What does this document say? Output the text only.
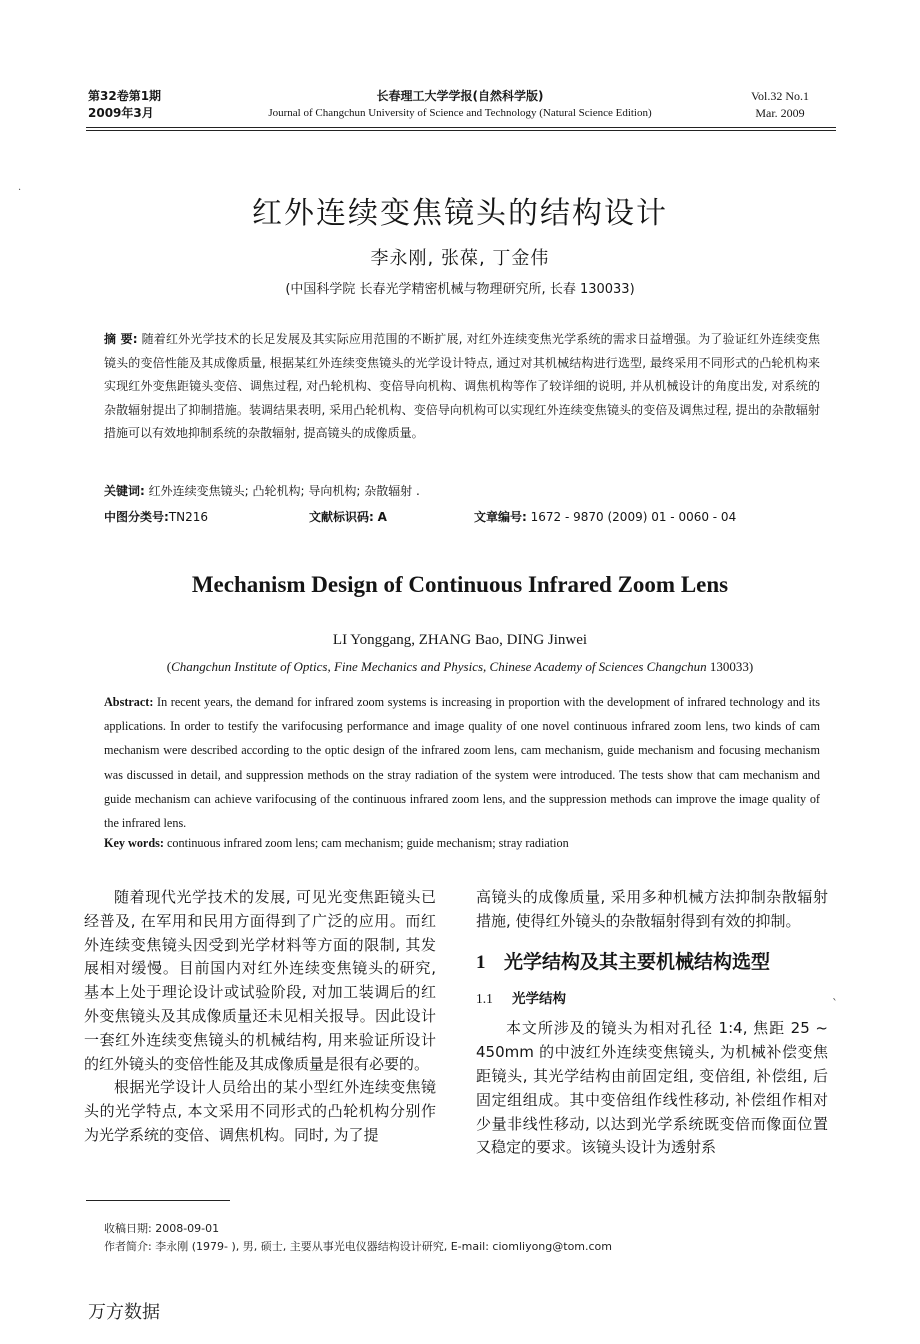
第32卷第1期
2009年3月
长春理工大学学报(自然科学版)
Journal of Changchun University of Science and Technology (Natural Science Edition)
Vol.32 No.1
Mar. 2009
·
红外连续变焦镜头的结构设计
李永刚, 张葆, 丁金伟
(中国科学院 长春光学精密机械与物理研究所, 长春 130033)
摘 要: 随着红外光学技术的长足发展及其实际应用范围的不断扩展, 对红外连续变焦光学系统的需求日益增强。为了验证红外连续变焦镜头的变倍性能及其成像质量, 根据某红外连续变焦镜头的光学设计特点, 通过对其机械结构进行选型, 最终采用不同形式的凸轮机构来实现红外变焦距镜头变倍、调焦过程, 对凸轮机构、变倍导向机构、调焦机构等作了较详细的说明, 并从机械设计的角度出发, 对系统的杂散辐射提出了抑制措施。装调结果表明, 采用凸轮机构、变倍导向机构可以实现红外连续变焦镜头的变倍及调焦过程, 提出的杂散辐射措施可以有效地抑制系统的杂散辐射, 提高镜头的成像质量。
关键词: 红外连续变焦镜头; 凸轮机构; 导向机构; 杂散辐射 .
中图分类号:TN216	文献标识码: A	文章编号: 1672 - 9870 (2009) 01 - 0060 - 04
Mechanism Design of Continuous Infrared Zoom Lens
LI Yonggang, ZHANG Bao, DING Jinwei
(Changchun Institute of Optics, Fine Mechanics and Physics, Chinese Academy of Sciences Changchun 130033)
Abstract: In recent years, the demand for infrared zoom systems is increasing in proportion with the development of infrared technology and its applications. In order to testify the varifocusing performance and image quality of one novel continuous infrared zoom lens, two kinds of cam mechanism were described according to the optic design of the infrared zoom lens, cam mechanism, guide mechanism and focusing mechanism was discussed in detail, and suppression methods on the stray radiation of the system were introduced. The tests show that cam mechanism and guide mechanism can achieve varifocusing of the continuous infrared zoom lens, and the suppression methods can improve the image quality of the infrared lens.
Key words: continuous infrared zoom lens; cam mechanism; guide mechanism; stray radiation

随着现代光学技术的发展, 可见光变焦距镜头已经普及, 在军用和民用方面得到了广泛的应用。而红外连续变焦镜头因受到光学材料等方面的限制, 其发展相对缓慢。目前国内对红外连续变焦镜头的研究, 基本上处于理论设计或试验阶段, 对加工装调后的红外变焦镜头及其成像质量还未见相关报导。因此设计一套红外连续变焦镜头的机械结构, 用来验证所设计的红外镜头的变倍性能及其成像质量是很有必要的。

根据光学设计人员给出的某小型红外连续变焦镜头的光学特点, 本文采用不同形式的凸轮机构分别作为光学系统的变倍、调焦机构。同时, 为了提

高镜头的成像质量, 采用多种机械方法抑制杂散辐射措施, 使得红外镜头的杂散辐射得到有效的抑制。

1 光学结构及其主要机械结构选型

1.1 光学结构

本文所涉及的镜头为相对孔径 1:4, 焦距 25 ~ 450mm 的中波红外连续变焦镜头, 为机械补偿变焦距镜头, 其光学结构由前固定组, 变倍组, 补偿组, 后固定组组成。其中变倍组作线性移动, 补偿组作相对少量非线性移动, 以达到光学系统既变倍而像面位置又稳定的要求。该镜头设计为透射系

`
收稿日期: 2008-09-01
作者简介: 李永刚 (1979- ), 男, 硕士, 主要从事光电仪器结构设计研究, E-mail: ciomliyong@tom.com
万方数据
